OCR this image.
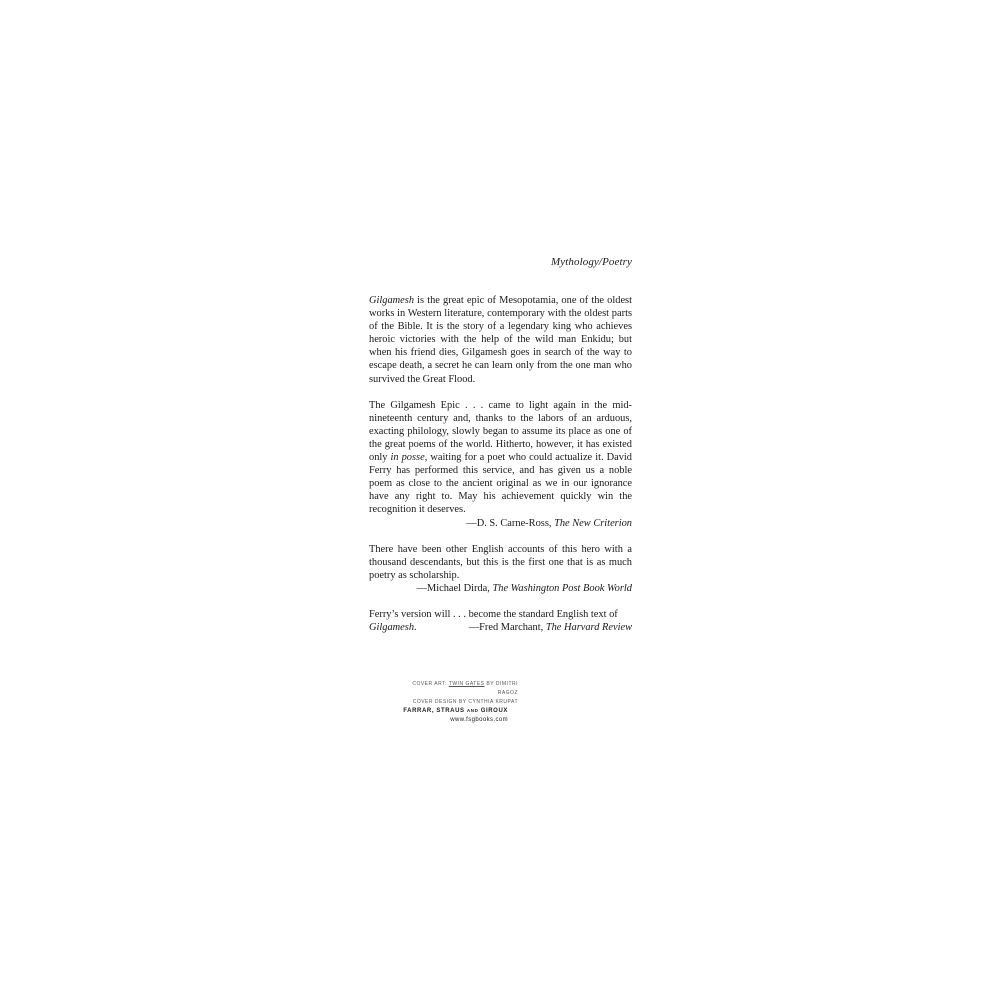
Mythology/Poetry

Gilgamesh is the great epic of Mesopotamia, one of the oldest works in Western literature, contemporary with the oldest parts of the Bible. It is the story of a legendary king who achieves heroic victories with the help of the wild man Enkidu; but when his friend dies, Gilgamesh goes in search of the way to escape death, a secret he can learn only from the one man who survived the Great Flood.

The Gilgamesh Epic . . . came to light again in the mid-nineteenth century and, thanks to the labors of an arduous, exacting philology, slowly began to assume its place as one of the great poems of the world. Hitherto, however, it has existed only in posse, waiting for a poet who could actualize it. David Ferry has performed this service, and has given us a noble poem as close to the ancient original as we in our ignorance have any right to. May his achievement quickly win the recognition it deserves.

—D. S. Carne-Ross, The New Criterion

There have been other English accounts of this hero with a thousand descendants, but this is the first one that is as much poetry as scholarship.

—Michael Dirda, The Washington Post Book World

Ferry’s version will . . . become the standard English text of

Gilgamesh.	—Fred Marchant, The Harvard Review
COVER ART: TWIN GATES BY DIMITRI RAGOZ
COVER DESIGN BY CYNTHIA KRUPAT
FARRAR, STRAUS AND GIROUX
www.fsgbooks.com
